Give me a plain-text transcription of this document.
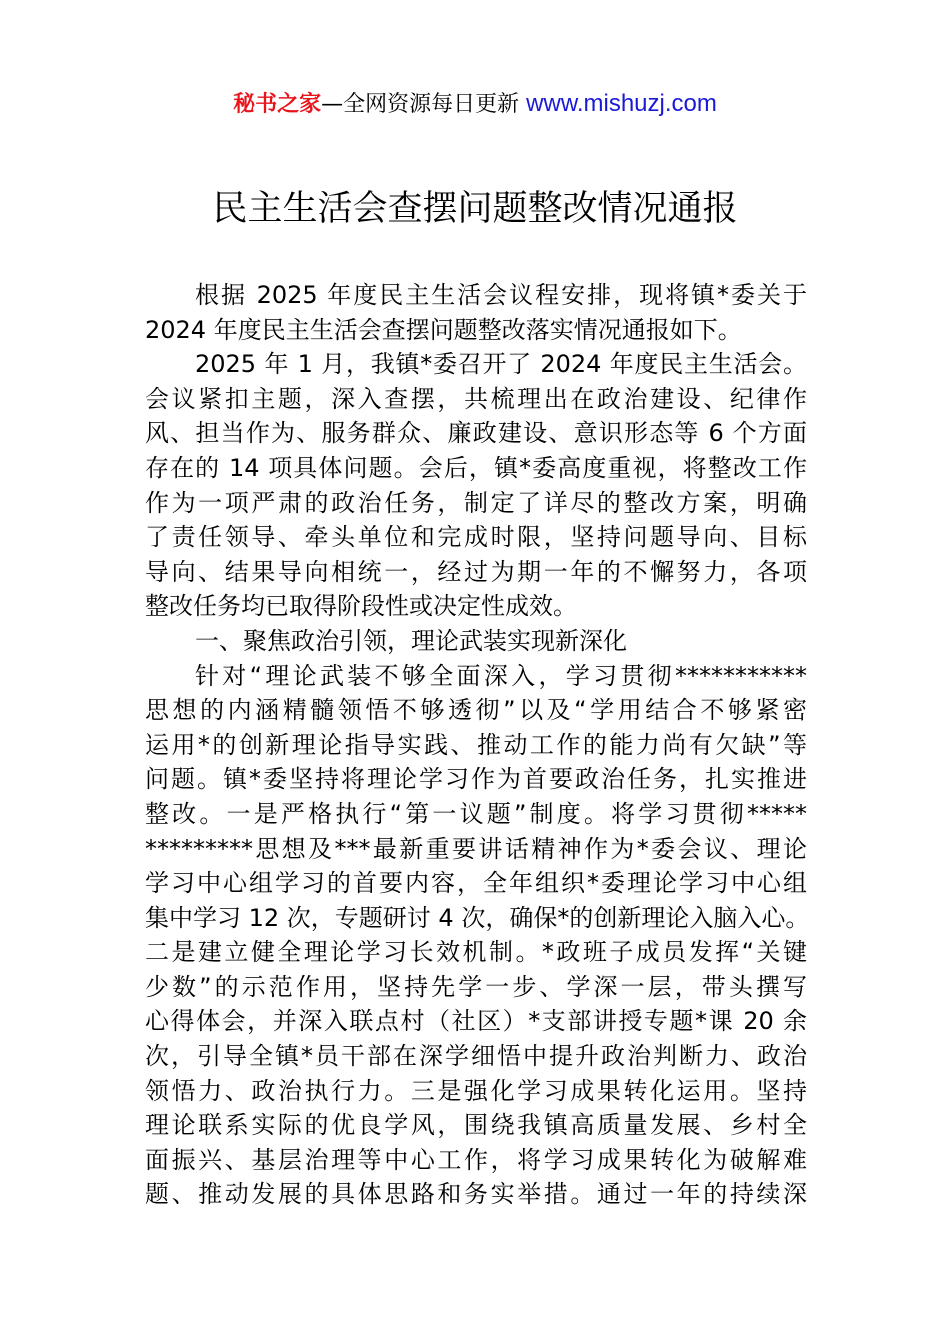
秘书之家—全网资源每日更新 www.mishuzj.com
民主生活会查摆问题整改情况通报
根据 2025 年度民主生活会议程安排，现将镇*委关于
2024 年度民主生活会查摆问题整改落实情况通报如下。
2025 年 1 月，我镇*委召开了 2024 年度民主生活会。
会议紧扣主题，深入查摆，共梳理出在政治建设、纪律作
风、担当作为、服务群众、廉政建设、意识形态等 6 个方面
存在的 14 项具体问题。会后，镇*委高度重视，将整改工作
作为一项严肃的政治任务，制定了详尽的整改方案，明确
了责任领导、牵头单位和完成时限，坚持问题导向、目标
导向、结果导向相统一，经过为期一年的不懈努力，各项
整改任务均已取得阶段性或决定性成效。
一、聚焦政治引领，理论武装实现新深化
针对“理论武装不够全面深入，学习贯彻***********
思想的内涵精髓领悟不够透彻”以及“学用结合不够紧密
运用*的创新理论指导实践、推动工作的能力尚有欠缺”等
问题。镇*委坚持将理论学习作为首要政治任务，扎实推进
整改。一是严格执行“第一议题”制度。将学习贯彻*****
*********思想及***最新重要讲话精神作为*委会议、理论
学习中心组学习的首要内容，全年组织*委理论学习中心组
集中学习 12 次，专题研讨 4 次，确保*的创新理论入脑入心。
二是建立健全理论学习长效机制。*政班子成员发挥“关键
少数”的示范作用，坚持先学一步、学深一层，带头撰写
心得体会，并深入联点村（社区）*支部讲授专题*课 20 余
次，引导全镇*员干部在深学细悟中提升政治判断力、政治
领悟力、政治执行力。三是强化学习成果转化运用。坚持
理论联系实际的优良学风，围绕我镇高质量发展、乡村全
面振兴、基层治理等中心工作，将学习成果转化为破解难
题、推动发展的具体思路和务实举措。通过一年的持续深
